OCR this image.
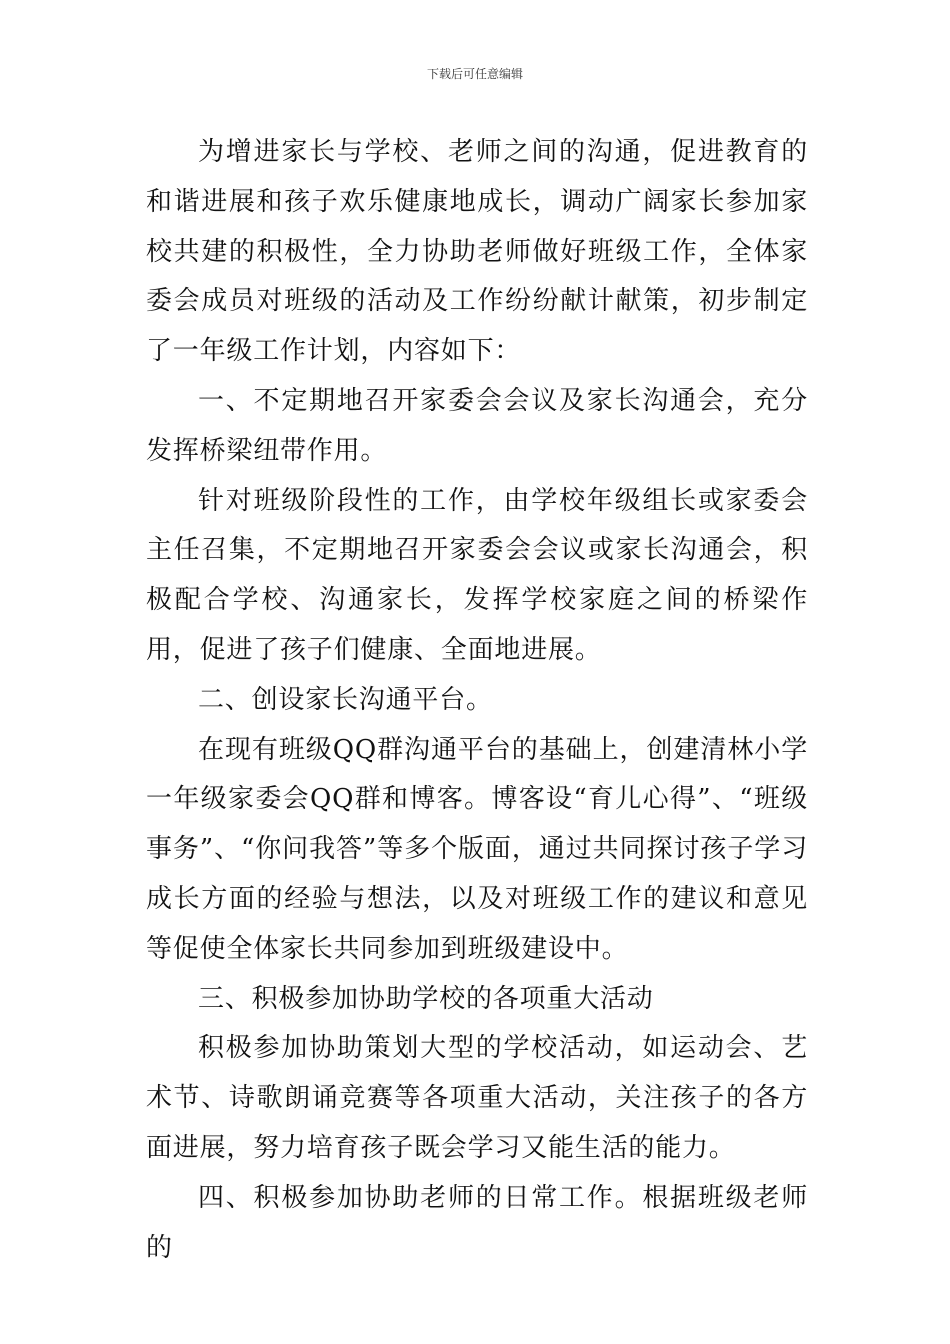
下载后可任意编辑

为增进家长与学校、老师之间的沟通，促进教育的和谐进展和孩子欢乐健康地成长，调动广阔家长参加家校共建的积极性，全力协助老师做好班级工作，全体家委会成员对班级的活动及工作纷纷献计献策，初步制定了一年级工作计划，内容如下：

一、不定期地召开家委会会议及家长沟通会，充分发挥桥梁纽带作用。

针对班级阶段性的工作，由学校年级组长或家委会主任召集，不定期地召开家委会会议或家长沟通会，积极配合学校、沟通家长，发挥学校家庭之间的桥梁作用，促进了孩子们健康、全面地进展。

二、创设家长沟通平台。

在现有班级QQ群沟通平台的基础上，创建清林小学一年级家委会QQ群和博客。博客设“育儿心得”、“班级事务”、“你问我答”等多个版面，通过共同探讨孩子学习成长方面的经验与想法，以及对班级工作的建议和意见等促使全体家长共同参加到班级建设中。

三、积极参加协助学校的各项重大活动

积极参加协助策划大型的学校活动，如运动会、艺术节、诗歌朗诵竞赛等各项重大活动，关注孩子的各方面进展，努力培育孩子既会学习又能生活的能力。

四、积极参加协助老师的日常工作。根据班级老师的
